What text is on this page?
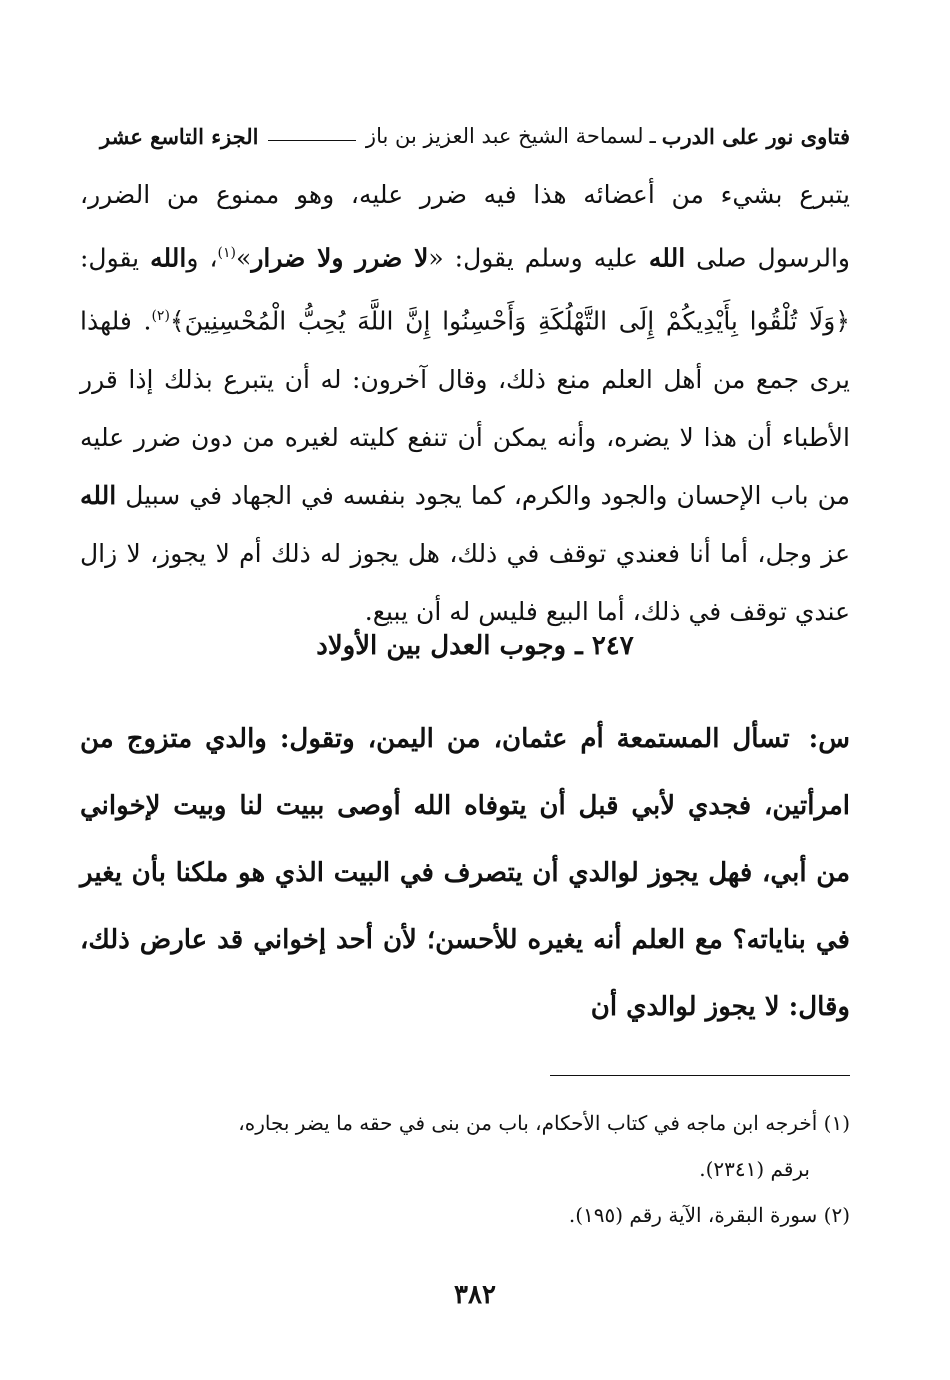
فتاوى نور على الدرب
ـ
لسماحة الشيخ عبد العزيز بن باز
الجزء التاسع عشر
يتبرع بشيء من أعضائه هذا فيه ضرر عليه، وهو ممنوع من الضرر، والرسول صلى الله عليه وسلم يقول: «لا ضرر ولا ضرار»$^{(١)}$، والله يقول: ﴿وَلَا تُلْقُوا بِأَيْدِيكُمْ إِلَى التَّهْلُكَةِ وَأَحْسِنُوا إِنَّ اللَّهَ يُحِبُّ الْمُحْسِنِينَ﴾$^{(٢)}$. فلهذا يرى جمع من أهل العلم منع ذلك، وقال آخرون: له أن يتبرع بذلك إذا قرر الأطباء أن هذا لا يضره، وأنه يمكن أن تنفع كليته لغيره من دون ضرر عليه من باب الإحسان والجود والكرم، كما يجود بنفسه في الجهاد في سبيل الله عز وجل، أما أنا فعندي توقف في ذلك، هل يجوز له ذلك أم لا يجوز، لا زال عندي توقف في ذلك، أما البيع فليس له أن يبيع.
٢٤٧ ـ وجوب العدل بين الأولاد
س: تسأل المستمعة أم عثمان، من اليمن، وتقول: والدي متزوج من امرأتين، فجدي لأبي قبل أن يتوفاه الله أوصى ببيت لنا وبيت لإخواني من أبي، فهل يجوز لوالدي أن يتصرف في البيت الذي هو ملكنا بأن يغير في بناياته؟ مع العلم أنه يغيره للأحسن؛ لأن أحد إخواني قد عارض ذلك، وقال: لا يجوز لوالدي أن

(١) أخرجه ابن ماجه في كتاب الأحكام، باب من بنى في حقه ما يضر بجاره،
برقم (٢٣٤١).

(٢) سورة البقرة، الآية رقم (١٩٥).

٣٨٢
